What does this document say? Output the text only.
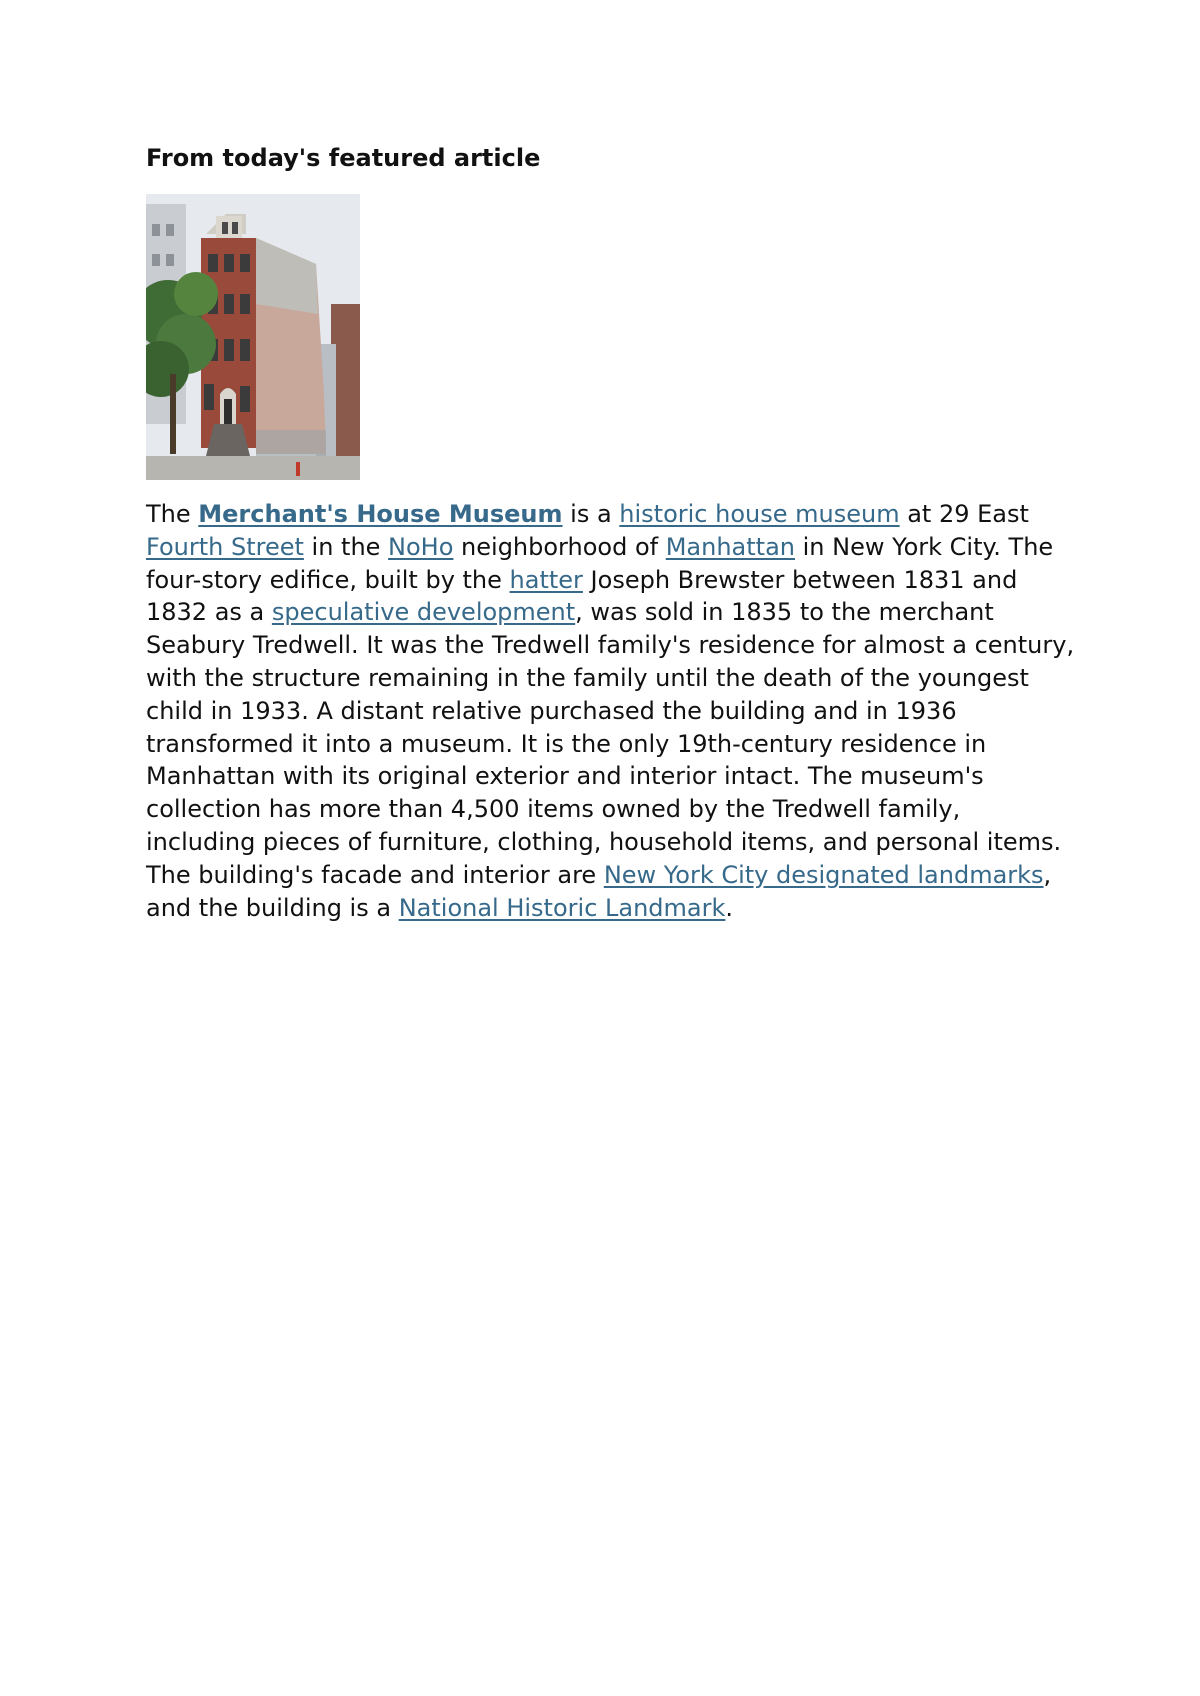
From today's featured article

The Merchant's House Museum is a historic house museum at 29 East Fourth Street in the NoHo neighborhood of Manhattan in New York City. The four-story edifice, built by the hatter Joseph Brewster between 1831 and 1832 as a speculative development, was sold in 1835 to the merchant Seabury Tredwell. It was the Tredwell family's residence for almost a century, with the structure remaining in the family until the death of the youngest child in 1933. A distant relative purchased the building and in 1936 transformed it into a museum. It is the only 19th-century residence in Manhattan with its original exterior and interior intact. The museum's collection has more than 4,500 items owned by the Tredwell family, including pieces of furniture, clothing, household items, and personal items. The building's facade and interior are New York City designated landmarks, and the building is a National Historic Landmark.
